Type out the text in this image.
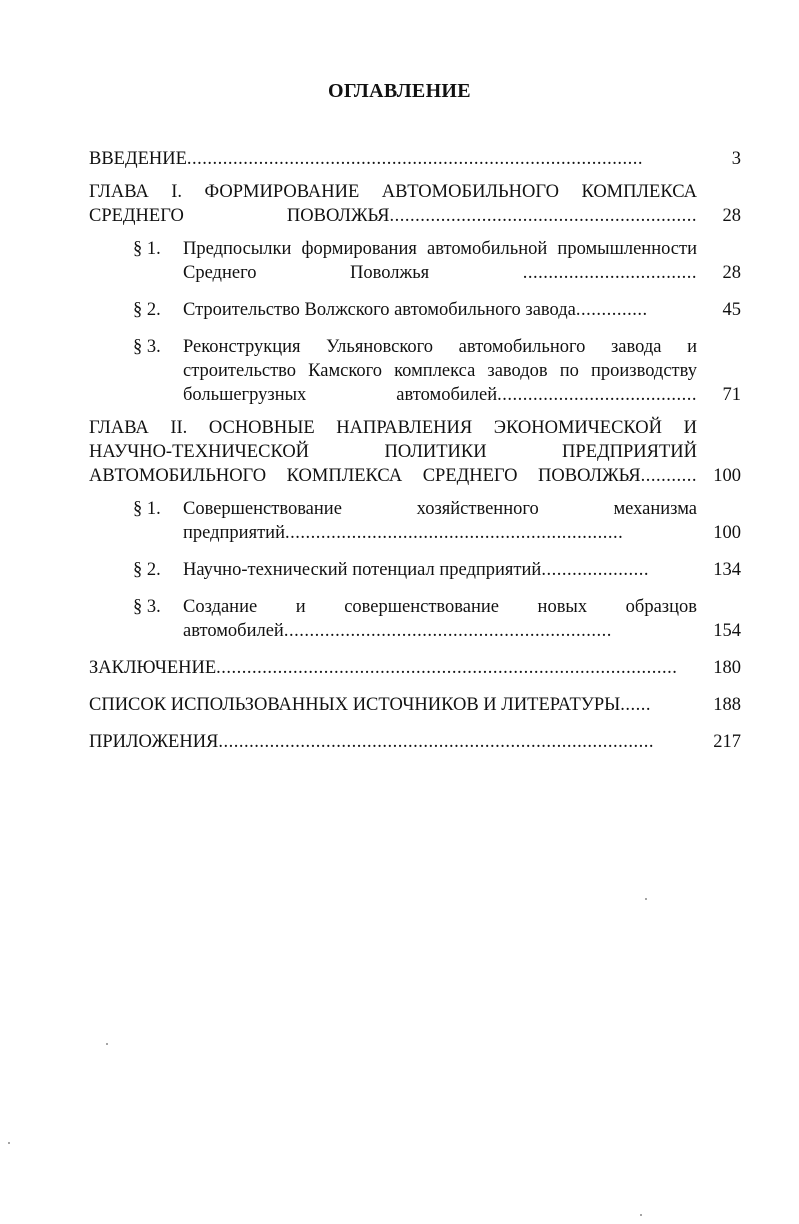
ОГЛАВЛЕНИЕ
ВВЕДЕНИЕ.........................................................................................	3
ГЛАВА I. ФОРМИРОВАНИЕ АВТОМОБИЛЬНОГО КОМПЛЕКСА СРЕДНЕГО ПОВОЛЖЬЯ............................................................	28
§ 1. Предпосылки формирования автомобильной промышленности Среднего Поволжья	..................................	28
§ 2. Строительство Волжского автомобильного завода..............	45
§ 3. Реконструкция Ульяновского автомобильного завода и строительство Камского комплекса заводов по производству большегрузных автомобилей.......................................	71
ГЛАВА II. ОСНОВНЫЕ НАПРАВЛЕНИЯ ЭКОНОМИЧЕСКОЙ И НАУЧНО-ТЕХНИЧЕСКОЙ ПОЛИТИКИ ПРЕДПРИЯТИЙ АВТОМОБИЛЬНОГО КОМПЛЕКСА СРЕДНЕГО ПОВОЛЖЬЯ........... 100
§ 1. Совершенствование хозяйственного механизма предприятий..................................................................	100
§ 2. Научно-технический потенциал предприятий.....................	134
§ 3. Создание и совершенствование новых образцов автомобилей................................................................	154
ЗАКЛЮЧЕНИЕ..........................................................................................	180
СПИСОК ИСПОЛЬЗОВАННЫХ ИСТОЧНИКОВ И ЛИТЕРАТУРЫ......	188
ПРИЛОЖЕНИЯ.....................................................................................	217
